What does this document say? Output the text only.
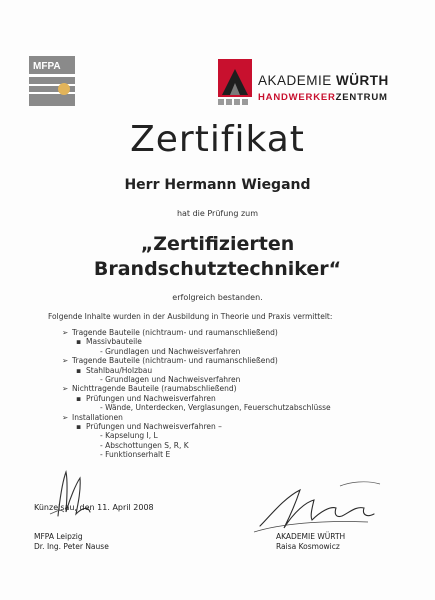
MFPA
AKADEMIE WÜRTH
HANDWERKERZENTRUM
Zertifikat
Herr Hermann Wiegand
hat die Prüfung zum
„Zertifizierten
Brandschutztechniker“
erfolgreich bestanden.
Folgende Inhalte wurden in der Ausbildung in Theorie und Praxis vermittelt:
➢ Tragende Bauteile (nichtraum- und raumanschließend)
▪ Massivbauteile
- Grundlagen und Nachweisverfahren
➢ Tragende Bauteile (nichtraum- und raumanschließend)
▪ Stahlbau/Holzbau
- Grundlagen und Nachweisverfahren
➢ Nichttragende Bauteile (raumabschließend)
▪ Prüfungen und Nachweisverfahren
- Wände, Unterdecken, Verglasungen, Feuerschutzabschlüsse
➢ Installationen
▪ Prüfungen und Nachweisverfahren –
- Kapselung I, L
- Abschottungen S, R, K
- Funktionserhalt E
Künzelsau, den 11. April 2008
MFPA Leipzig
Dr. Ing. Peter Nause
AKADEMIE WÜRTH
Raisa Kosmowicz
